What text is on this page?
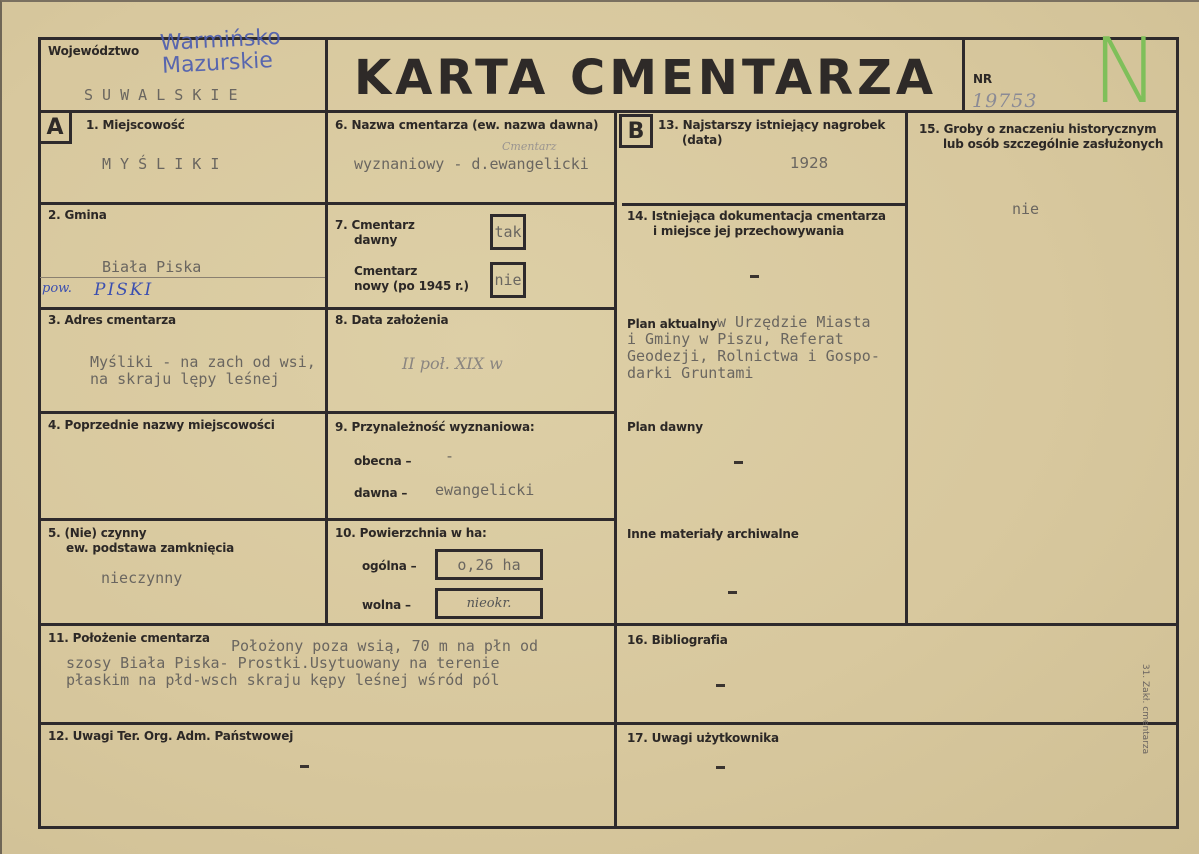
Województwo Warmińsko
Mazurskie
S U W A L S K I E KARTA CMENTARZA	NR
19753 N
A	1. Miejscowość
M Y Ś L I K I
2. Gmina
Biała Piska
pow. PISKI
3. Adres cmentarza
Myśliki - na zach od wsi,
na skraju lępy leśnej
4. Poprzednie nazwy miejscowości
5. (Nie) czynny
ew. podstawa zamknięcia
nieczynny
6. Nazwa cmentarza (ew. nazwa dawna)
Cmentarz
wyznaniowy - d.ewangelicki
7. Cmentarz
dawny	tak
Cmentarz
nowy (po 1945 r.) nie
8. Data założenia
II poł. XIX w
9. Przynależność wyznaniowa:
obecna – -
dawna – ewangelicki
10. Powierzchnia w ha:
ogólna –	o,26 ha
wolna –	nieokr.
11. Położenie cmentarza Położony poza wsią, 70 m na płn od
szosy Biała Piska- Prostki.Usytuowany na terenie
płaskim na płd-wsch skraju kępy leśnej wśród pól
12. Uwagi Ter. Org. Adm. Państwowej
B	13. Najstarszy istniejący nagrobek
(data)
1928
14. Istniejąca dokumentacja cmentarza
i miejsce jej przechowywania
Plan aktualny w Urzędzie Miasta
i Gminy w Piszu, Referat
Geodezji, Rolnictwa i Gospo-
darki Gruntami
Plan dawny
Inne materiały archiwalne
15. Groby o znaczeniu historycznym
lub osób szczególnie zasłużonych
nie
16. Bibliografia
17. Uwagi użytkownika	31. Zakł. cmentarza
